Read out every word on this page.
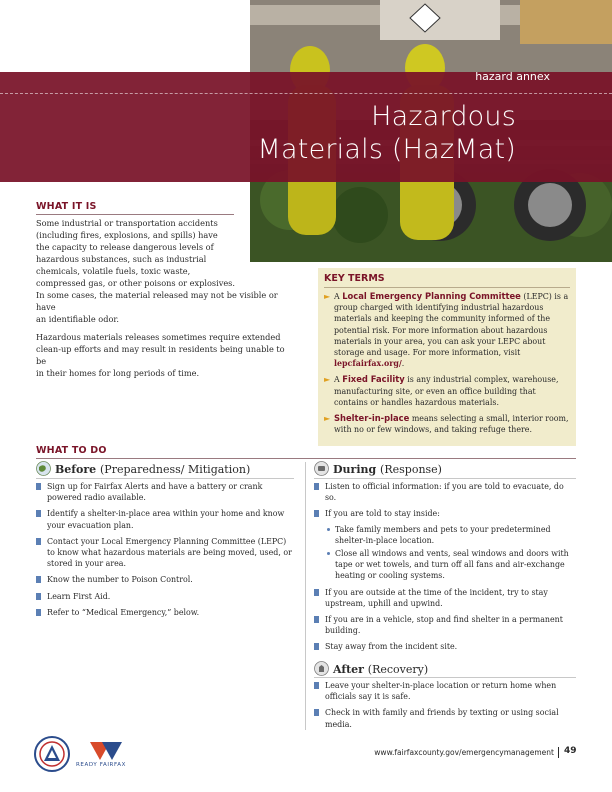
hazard annex
Hazardous
Materials (HazMat)
WHAT IT IS

Some industrial or transportation accidents
(including fires, explosions, and spills) have
the capacity to release dangerous levels of
hazardous substances, such as industrial
chemicals, volatile fuels, toxic waste,
compressed gas, or other poisons or explosives.
In some cases, the material released may not be visible or have
an identifiable odor.

Hazardous materials releases sometimes require extended
clean-up efforts and may result in residents being unable to be
in their homes for long periods of time.

KEY TERMS
► A Local Emergency Planning Committee (LEPC) is a group charged with identifying industrial hazardous materials and keeping the community informed of the potential risk. For more information about hazardous materials in your area, you can ask your LEPC about storage and usage. For more information, visit lepcfairfax.org/.
► A Fixed Facility is any industrial complex, warehouse, manufacturing site, or even an office building that contains or handles hazardous materials.
► Shelter-in-place means selecting a small, interior room, with no or few windows, and taking refuge there.
WHAT TO DO
Before (Preparedness/ Mitigation)
Sign up for Fairfax Alerts and have a battery or crank powered radio available.
Identify a shelter-in-place area within your home and know your evacuation plan.
Contact your Local Emergency Planning Committee (LEPC) to know what hazardous materials are being moved, used, or stored in your area.
Know the number to Poison Control.
Learn First Aid.
Refer to “Medical Emergency,” below.
During (Response)
Listen to official information: if you are told to evacuate, do so.
If you are told to stay inside:
Take family members and pets to your predetermined shelter-in-place location.
Close all windows and vents, seal windows and doors with tape or wet towels, and turn off all fans and air-exchange heating or cooling systems.
If you are outside at the time of the incident, try to stay upstream, uphill and upwind.
If you are in a vehicle, stop and find shelter in a permanent building.
Stay away from the incident site.
After (Recovery)
Leave your shelter-in-place location or return home when officials say it is safe.
Check in with family and friends by texting or using social media.
READY FAIRFAX
www.fairfaxcounty.gov/emergencymanagement 49
